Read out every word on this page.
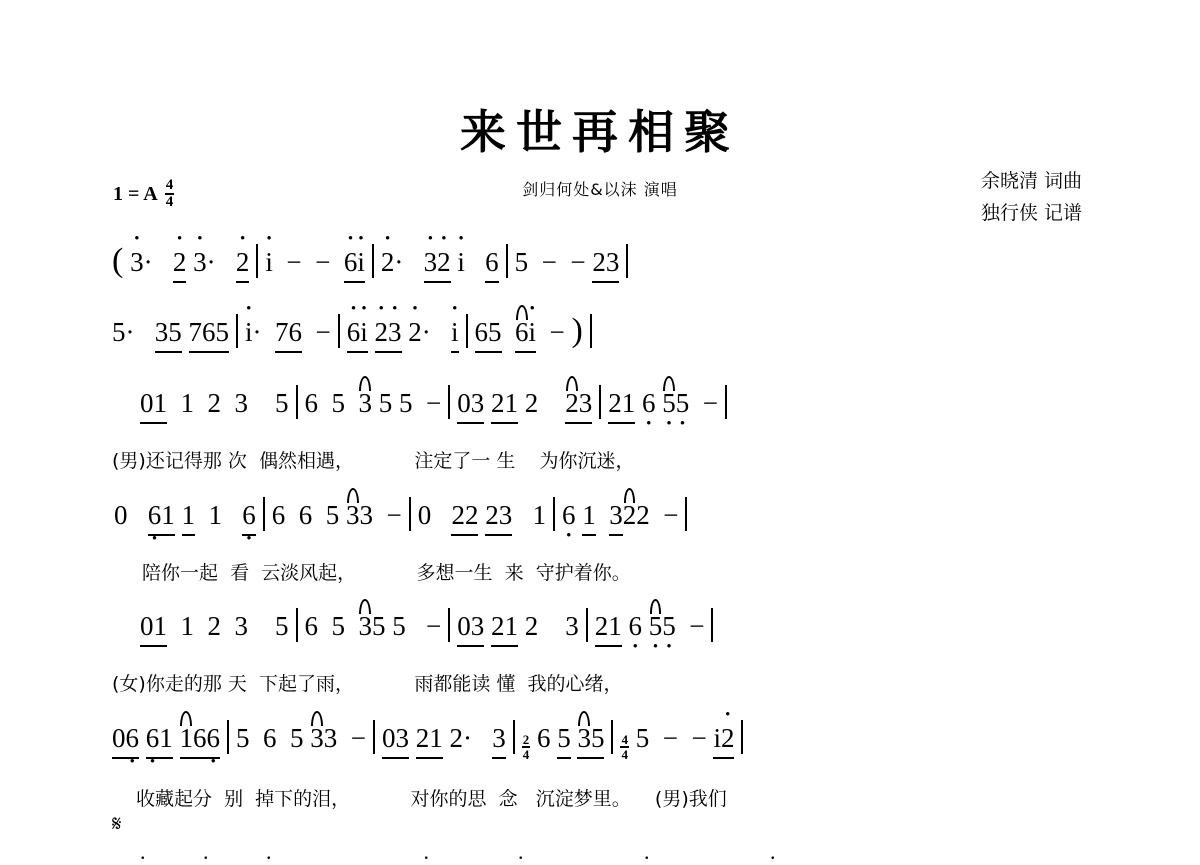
来世再相聚
剑归何处&以沫 演唱
1 = A $\frac{4}{4}$	余晓清 词曲
独行侠 记谱
( • 3·   • 2 • 3·   • 2 • i  −  −  • 6• i • 2·   • 3• 2 • i 6 5  −  − 23
5·   35 765 • i·  76  − • 6• i • 2• 3 • 2·   • i 65 6• i  − )
01  1  2  3    5 6  5  3 5 5  − 03 21 2    23 21 6 • 5 •5 •  −
(男)还记得那 次  偶然相遇，          注定了一 生    为你沉迷，
0   6 •1 1  1   6 • 6  6  5 33  − 0   22 23   1 6 • 1 322  −
陪你一起  看  云淡风起，          多想一生  来  守护着你。
01  1  2  3    5 6  5  35 5   − 03 21 2    3 21 6 • 5 •5 •  −
(女)你走的那 天  下起了雨，          雨都能读 懂  我的心绪，
06 • 6 •1 166 • 5  6  5 33  − 03 21 $2\cdot 3 \frac{2}{4} 6$ 5 $35 \frac{4}{4} 5$  −  − i• 2
收藏起分  别  掉下的泪，          对你的思  念   沉淀梦里。    (男)我们
𝄋
. . .    .  .   .   .
